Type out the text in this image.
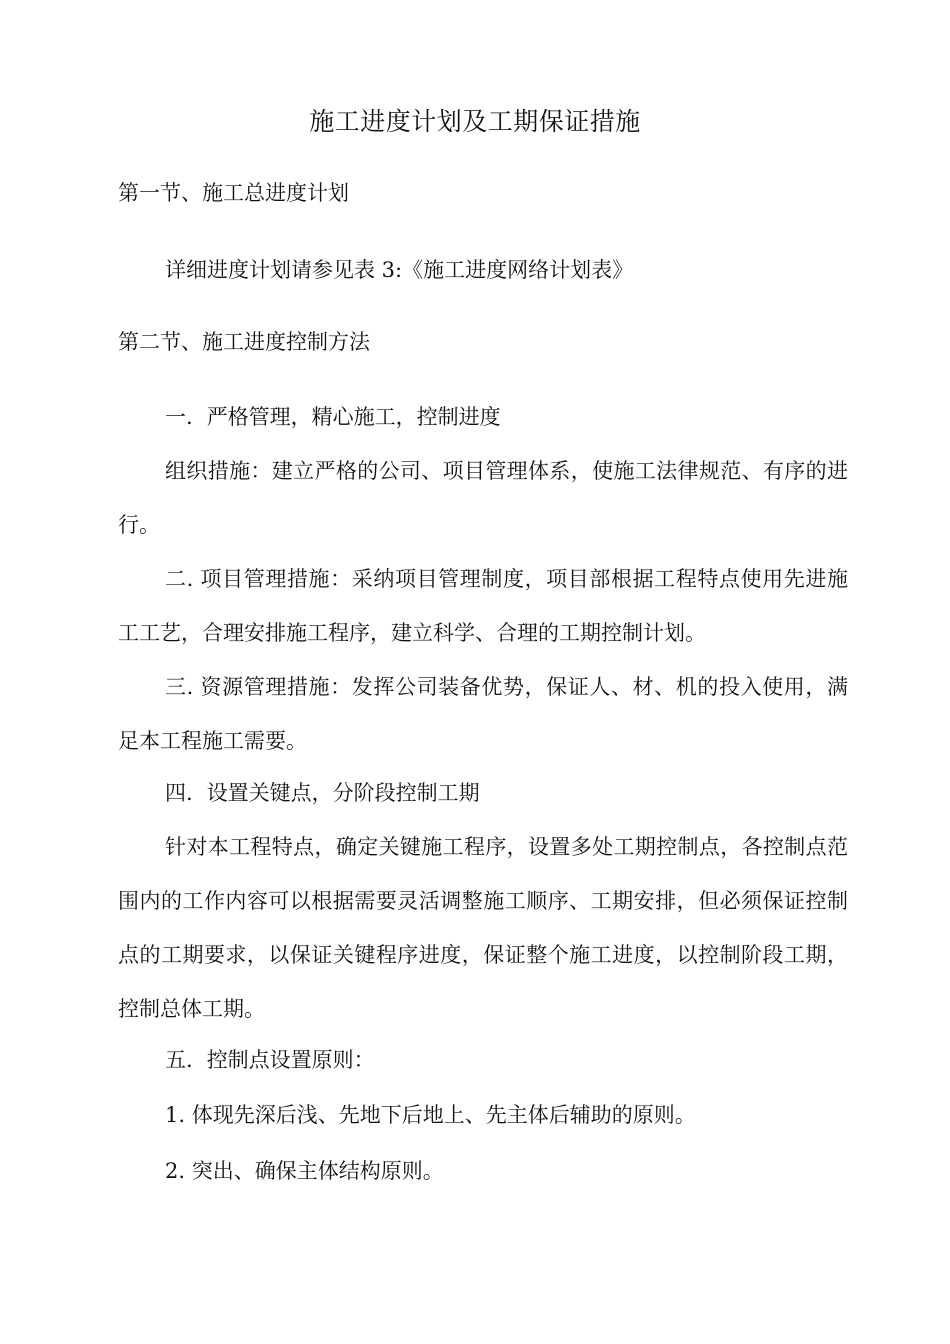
施工进度计划及工期保证措施
第一节、施工总进度计划

详细进度计划请参见表 3:《施工进度网络计划表》

第二节、施工进度控制方法

一. 严格管理，精心施工，控制进度

组织措施：建立严格的公司、项目管理体系，使施工法律规范、有序的进行。

二. 项目管理措施：采纳项目管理制度，项目部根据工程特点使用先进施工工艺，合理安排施工程序，建立科学、合理的工期控制计划。

三. 资源管理措施：发挥公司装备优势，保证人、材、机的投入使用，满足本工程施工需要。

四. 设置关键点，分阶段控制工期

针对本工程特点，确定关键施工程序，设置多处工期控制点，各控制点范围内的工作内容可以根据需要灵活调整施工顺序、工期安排，但必须保证控制点的工期要求，以保证关键程序进度，保证整个施工进度，以控制阶段工期，控制总体工期。

五. 控制点设置原则：

1. 体现先深后浅、先地下后地上、先主体后辅助的原则。

2. 突出、确保主体结构原则。
